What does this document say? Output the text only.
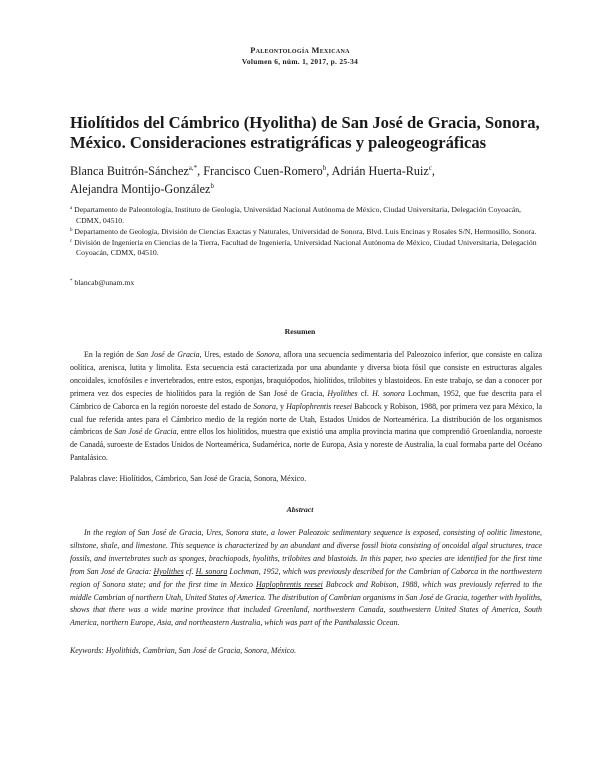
Paleontología Mexicana
Volumen 6, núm. 1, 2017, p. 25-34
Hiolítidos del Cámbrico (Hyolitha) de San José de Gracia, Sonora, México. Consideraciones estratigráficas y paleogeográficas
Blanca Buitrón-Sánchez$^{a,*}$, Francisco Cuen-Romero$^b$, Adrián Huerta-Ruiz$^c$,
Alejandra Montijo-González$^b$
$^a$ Departamento de Paleontología, Instituto de Geología, Universidad Nacional Autónoma de México, Ciudad Universitaria, Delegación Coyoacán, CDMX, 04510.
$^b$ Departamento de Geología, División de Ciencias Exactas y Naturales, Universidad de Sonora, Blvd. Luis Encinas y Rosales S/N, Hermosillo, Sonora.
$^c$ División de Ingeniería en Ciencias de la Tierra, Facultad de Ingeniería, Universidad Nacional Autónoma de México, Ciudad Universitaria, Delegación Coyoacán, CDMX, 04510.
* blancab@unam.mx
Resumen

En la región de San José de Gracia, Ures, estado de Sonora, aflora una secuencia sedimentaria del Paleozoico inferior, que consiste en caliza oolítica, arenisca, lutita y limolita. Esta secuencia está caracterizada por una abundante y diversa biota fósil que consiste en estructuras algales oncoidales, icnofósiles e invertebrados, entre estos, esponjas, braquiópodos, hiolítidos, trilobites y blastoideos. En este trabajo, se dan a conocer por primera vez dos especies de hiolítidos para la región de San José de Gracia, Hyolithes cf. H. sonora Lochman, 1952, que fue descrita para el Cámbrico de Caborca en la región noroeste del estado de Sonora, y Haplophrentis reesei Babcock y Robison, 1988, por primera vez para México, la cual fue referida antes para el Cámbrico medio de la región norte de Utah, Estados Unidos de Norteamérica. La distribución de los organismos cámbricos de San José de Gracia, entre ellos los hiolítidos, muestra que existió una amplia provincia marina que comprendió Groenlandia, noroeste de Canadá, suroeste de Estados Unidos de Norteamérica, Sudamérica, norte de Europa, Asia y noreste de Australia, la cual formaba parte del Océano Pantalásico.

Palabras clave: Hiolítidos, Cámbrico, San José de Gracia, Sonora, México.
Abstract

In the region of San José de Gracia, Ures, Sonora state, a lower Paleozoic sedimentary sequence is exposed, consisting of oolitic limestone, siltstone, shale, and limestone. This sequence is characterized by an abundant and diverse fossil biota consisting of oncoidal algal structures, trace fossils, and invertebrates such as sponges, brachiopods, hyoliths, trilobites and blastoids. In this paper, two species are identified for the first time from San José de Gracia: Hyolithes cf. H. sonora Lochman, 1952, which was previously described for the Cambrian of Caborca in the northwestern region of Sonora state; and for the first time in Mexico Haplophrentis reesei Babcock and Robison, 1988, which was previously referred to the middle Cambrian of northern Utah, United States of America. The distribution of Cambrian organisms in San José de Gracia, together with hyoliths, shows that there was a wide marine province that included Greenland, northwestern Canada, southwestern United States of America, South America, northern Europe, Asia, and northeastern Australia, which was part of the Panthalassic Ocean.

Keywords: Hyolithids, Cambrian, San José de Gracia, Sonora, México.
